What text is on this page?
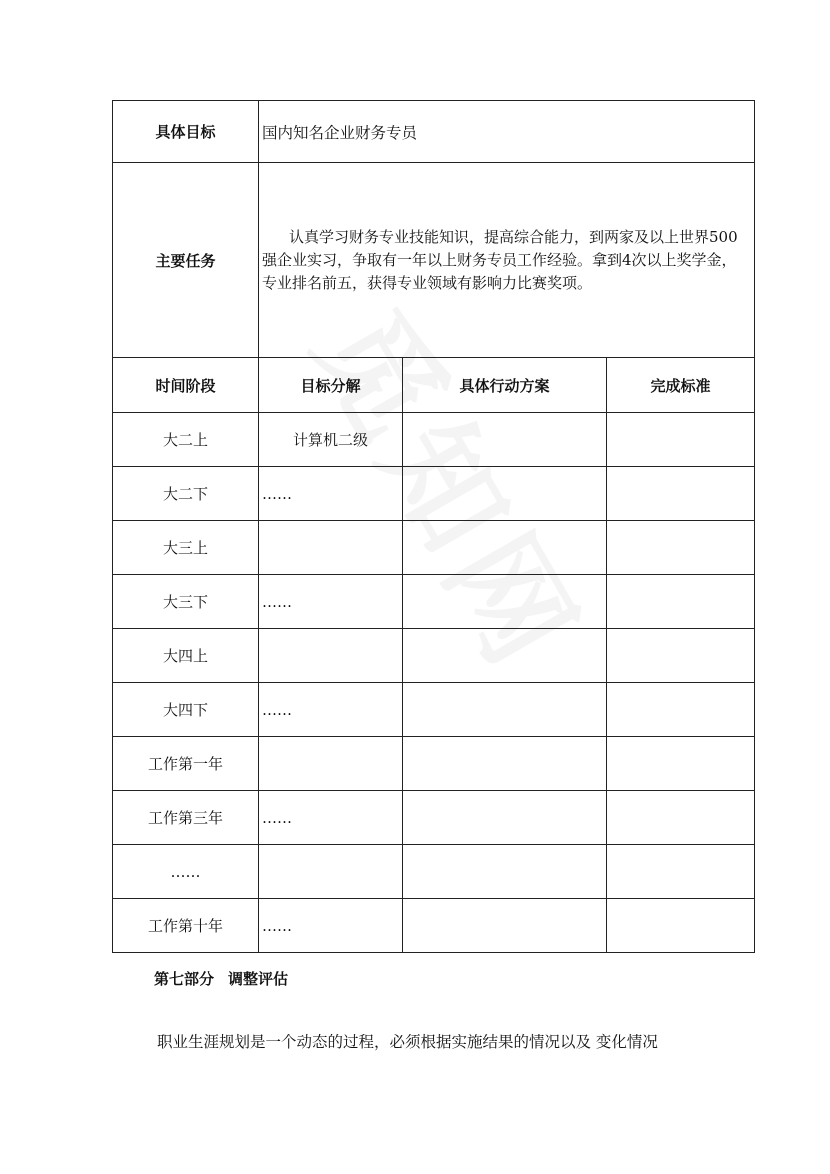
具体目标	国内知名企业财务专员		
主要任务	认真学习财务专业技能知识，提高综合能力，到两家及以上世界500强企业实习，争取有一年以上财务专员工作经验。拿到4次以上奖学金，专业排名前五，获得专业领域有影响力比赛奖项。		

时间阶段	目标分解	具体行动方案	完成标准
大二上	计算机二级		
大二下	……		
大三上			
大三下	……		
大四上			
大四下	……		
工作第一年			
工作第三年	……		
……			
工作第十年	……		
第七部分 调整评估
职业生涯规划是一个动态的过程，必须根据实施结果的情况以及 变化情况
